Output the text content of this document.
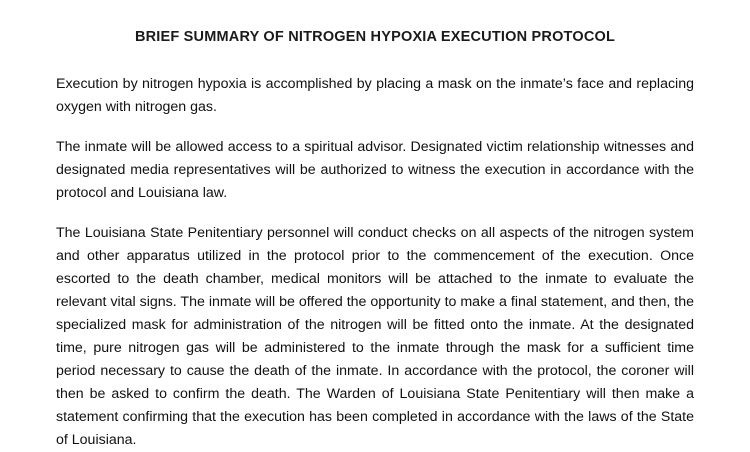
BRIEF SUMMARY OF NITROGEN HYPOXIA EXECUTION PROTOCOL

Execution by nitrogen hypoxia is accomplished by placing a mask on the inmate’s face and replacing oxygen with nitrogen gas.

The inmate will be allowed access to a spiritual advisor. Designated victim relationship witnesses and designated media representatives will be authorized to witness the execution in accordance with the protocol and Louisiana law.

The Louisiana State Penitentiary personnel will conduct checks on all aspects of the nitrogen system and other apparatus utilized in the protocol prior to the commencement of the execution. Once escorted to the death chamber, medical monitors will be attached to the inmate to evaluate the relevant vital signs. The inmate will be offered the opportunity to make a final statement, and then, the specialized mask for administration of the nitrogen will be fitted onto the inmate. At the designated time, pure nitrogen gas will be administered to the inmate through the mask for a sufficient time period necessary to cause the death of the inmate. In accordance with the protocol, the coroner will then be asked to confirm the death. The Warden of Louisiana State Penitentiary will then make a statement confirming that the execution has been completed in accordance with the laws of the State of Louisiana.
